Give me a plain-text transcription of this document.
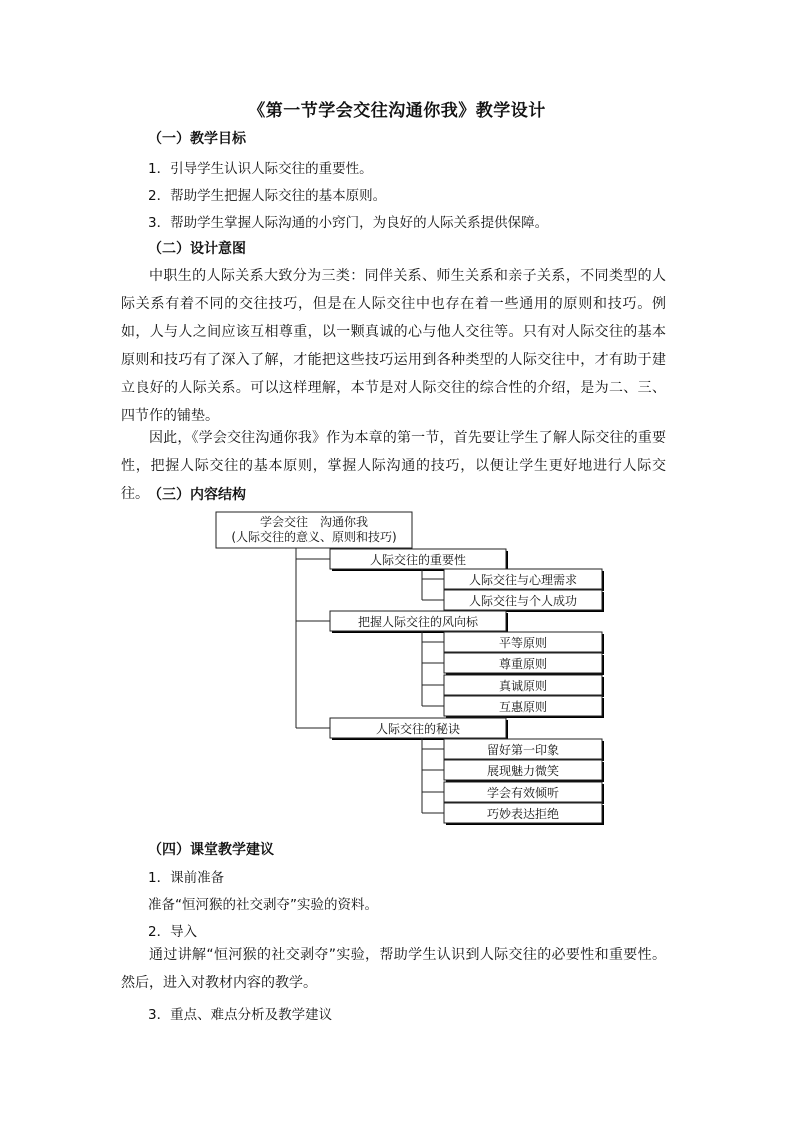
《第一节学会交往沟通你我》教学设计
（一）教学目标
1．引导学生认识人际交往的重要性。
2．帮助学生把握人际交往的基本原则。
3．帮助学生掌握人际沟通的小窍门，为良好的人际关系提供保障。
（二）设计意图

中职生的人际关系大致分为三类：同伴关系、师生关系和亲子关系，不同类型的人际关系有着不同的交往技巧，但是在人际交往中也存在着一些通用的原则和技巧。例如，人与人之间应该互相尊重，以一颗真诚的心与他人交往等。只有对人际交往的基本原则和技巧有了深入了解，才能把这些技巧运用到各种类型的人际交往中，才有助于建立良好的人际关系。可以这样理解，本节是对人际交往的综合性的介绍，是为二、三、四节作的铺垫。

因此，《学会交往沟通你我》作为本章的第一节，首先要让学生了解人际交往的重要性，把握人际交往的基本原则，掌握人际沟通的技巧，以便让学生更好地进行人际交往。 （三）内容结构
学会交往　沟通你我
(人际交往的意义、原则和技巧)
人际交往的重要性
人际交往与心理需求
人际交往与个人成功
把握人际交往的风向标
平等原则
尊重原则
真诚原则
互惠原则
人际交往的秘诀
留好第一印象
展现魅力微笑
学会有效倾听
巧妙表达拒绝
（四）课堂教学建议
1．课前准备
准备“恒河猴的社交剥夺”实验的资料。
2．导入

通过讲解“恒河猴的社交剥夺”实验，帮助学生认识到人际交往的必要性和重要性。然后，进入对教材内容的教学。

3．重点、难点分析及教学建议
